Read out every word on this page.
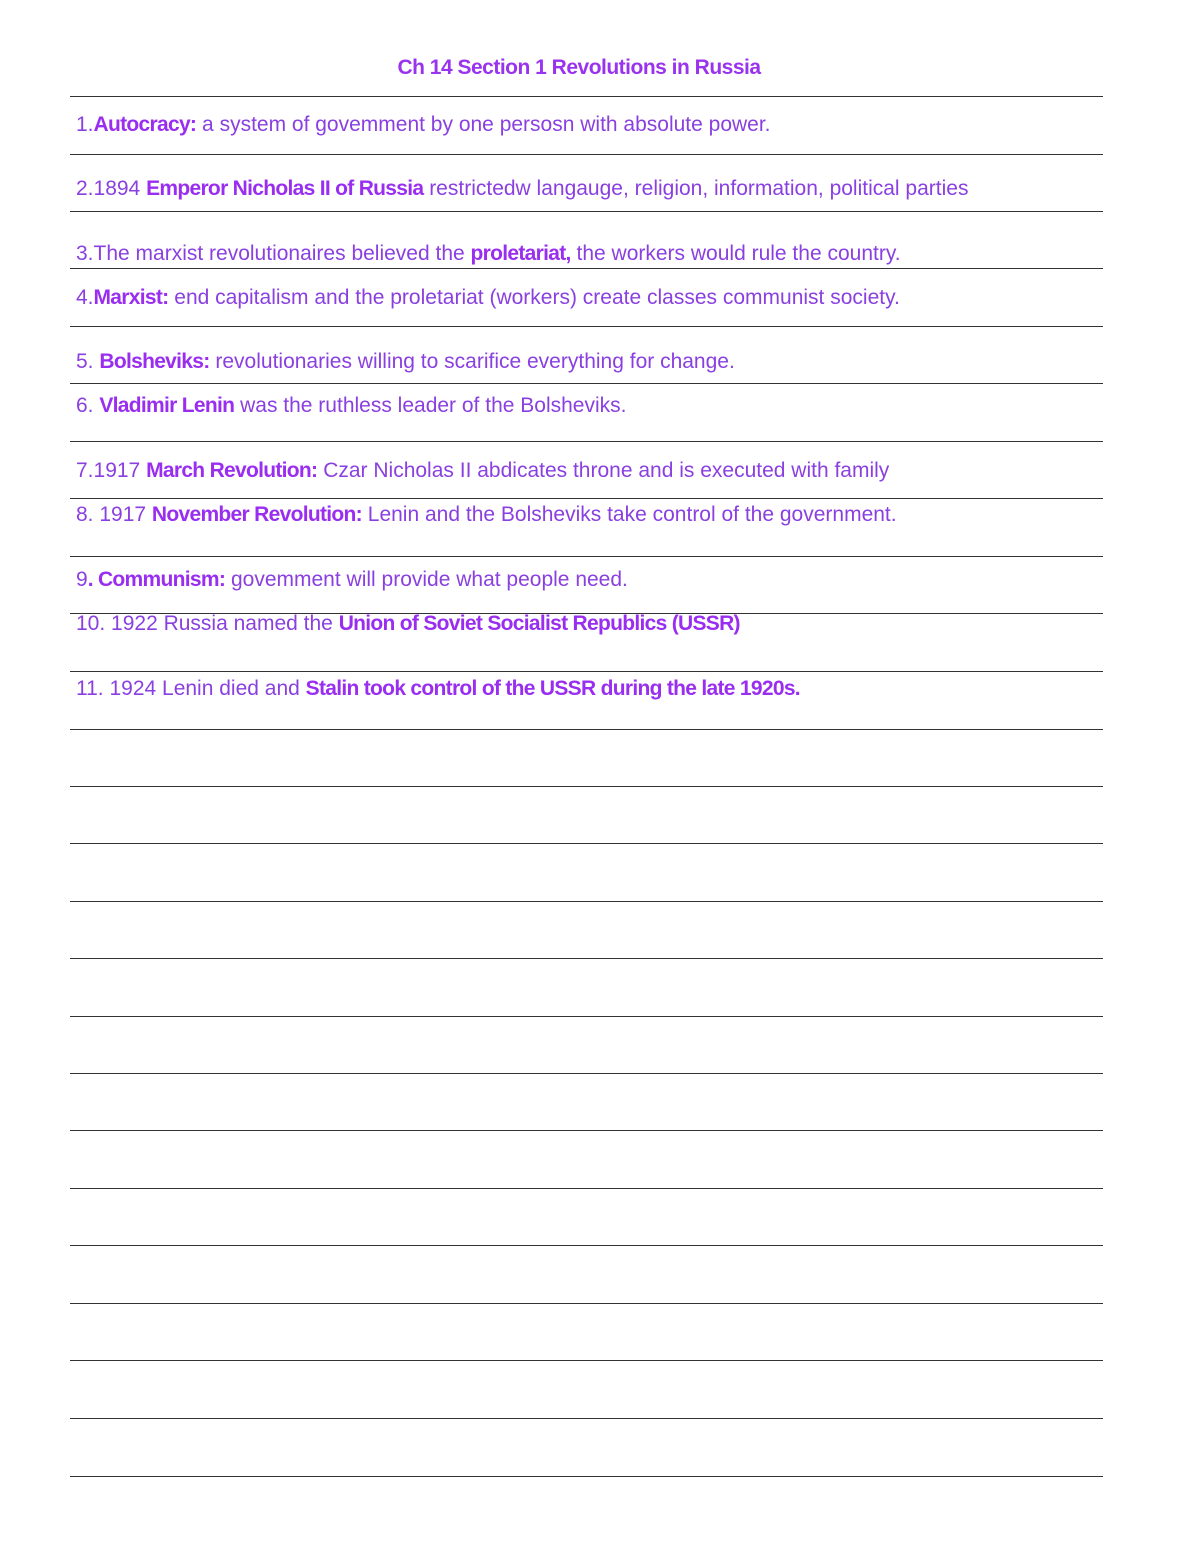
Ch 14 Section 1 Revolutions in Russia
1.Autocracy: a system of govemment by one persosn with absolute power.
2.1894 Emperor Nicholas II of Russia restrictedw langauge, religion, information, political parties
3.The marxist revolutionaires believed the proletariat, the workers would rule the country.
4.Marxist: end capitalism and the proletariat (workers) create classes communist society.
5. Bolsheviks: revolutionaries willing to scarifice everything for change.
6. Vladimir Lenin was the ruthless leader of the Bolsheviks.
7.1917 March Revolution: Czar Nicholas II abdicates throne and is executed with family
8. 1917 November Revolution: Lenin and the Bolsheviks take control of the government.
9. Communism: govemment will provide what people need.
10. 1922 Russia named the Union of Soviet Socialist Republics (USSR)
11. 1924 Lenin died and Stalin took control of the USSR during the late 1920s.
